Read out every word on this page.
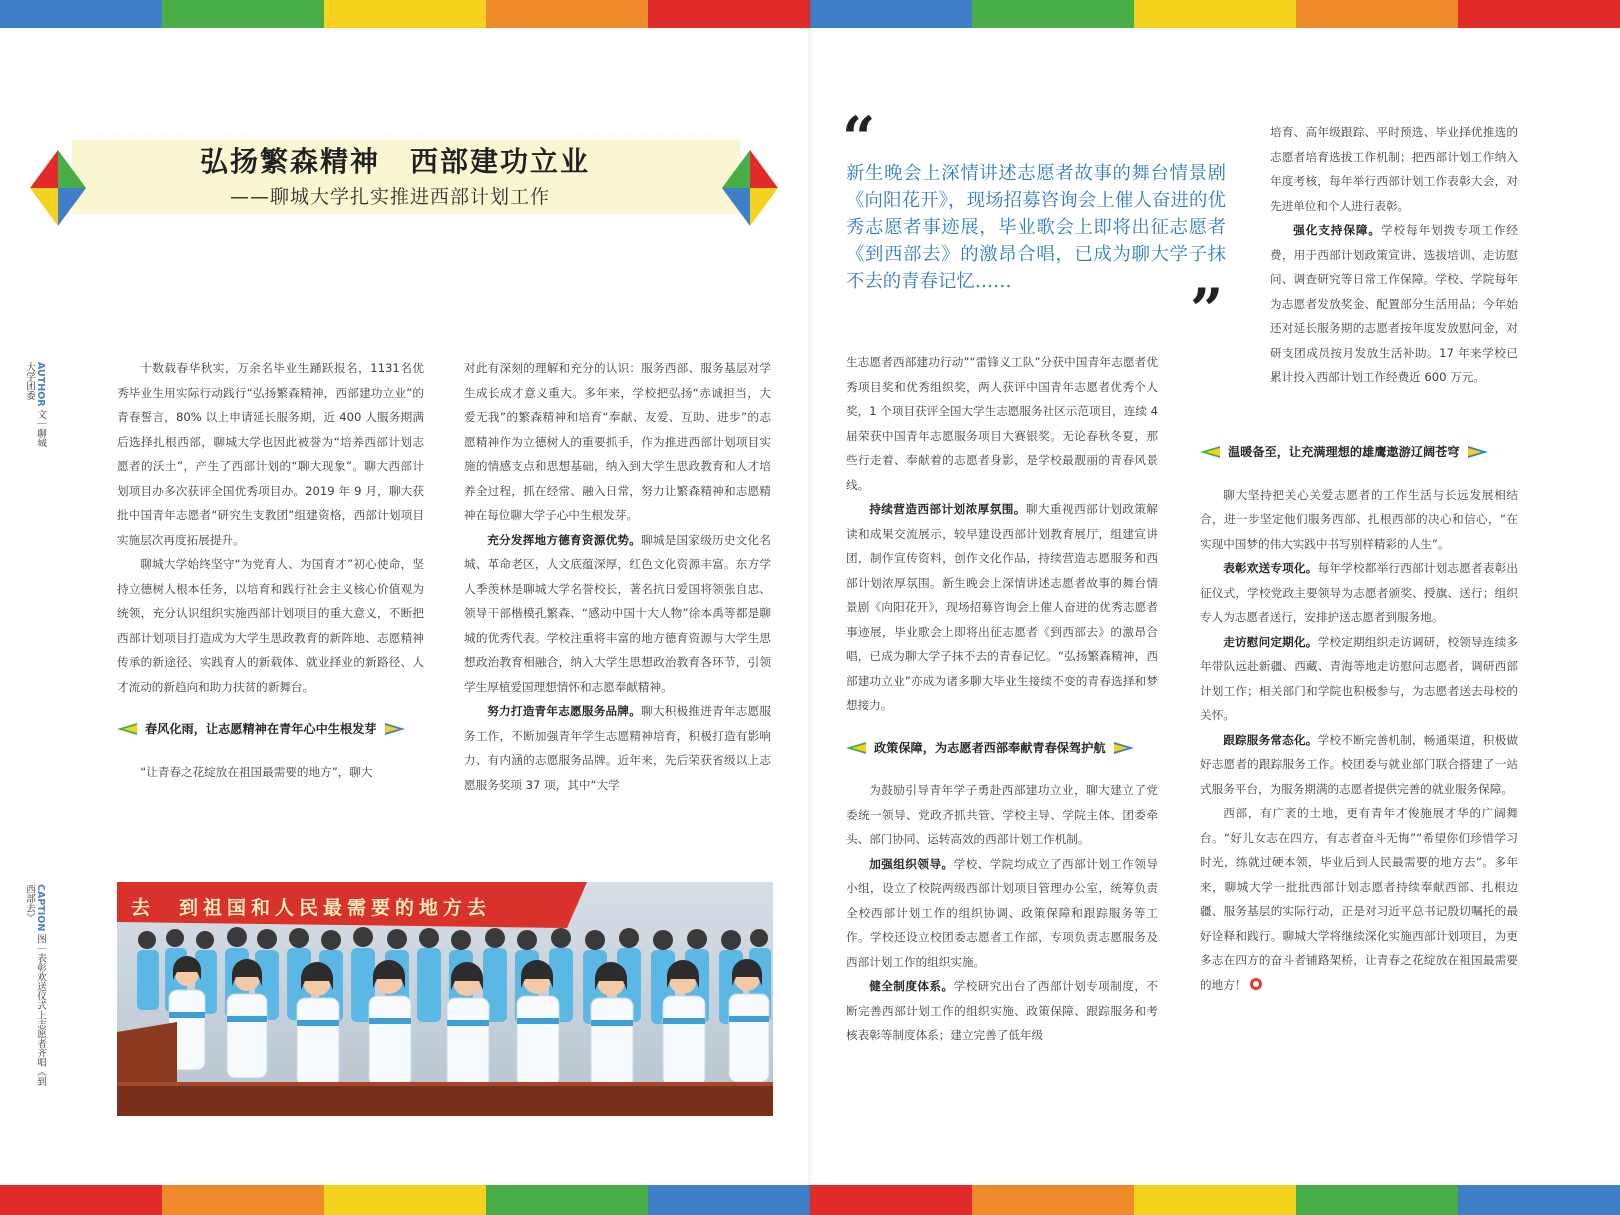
弘扬繁森精神　西部建功立业
——聊城大学扎实推进西部计划工作
AUTHOR 文｜聊城大学团委
CAPTION 图｜表彰欢送仪式上志愿者齐唱《到西部去》

十数载春华秋实，万余名毕业生踊跃报名，1131名优秀毕业生用实际行动践行“弘扬繁森精神，西部建功立业”的青春誓言，80% 以上申请延长服务期，近 400 人服务期满后选择扎根西部，聊城大学也因此被誉为“培养西部计划志愿者的沃土”，产生了西部计划的“聊大现象”。聊大西部计划项目办多次获评全国优秀项目办。2019 年 9 月，聊大获批中国青年志愿者“研究生支教团”组建资格，西部计划项目实施层次再度拓展提升。

聊城大学始终坚守“为党育人、为国育才”初心使命，坚持立德树人根本任务，以培育和践行社会主义核心价值观为统领，充分认识组织实施西部计划项目的重大意义，不断把西部计划项目打造成为大学生思政教育的新阵地、志愿精神传承的新途径、实践育人的新载体、就业择业的新路径、人才流动的新趋向和助力扶贫的新舞台。

春风化雨，让志愿精神在青年心中生根发芽

“让青春之花绽放在祖国最需要的地方”，聊大

对此有深刻的理解和充分的认识：服务西部、服务基层对学生成长成才意义重大。多年来，学校把弘扬“赤诚担当，大爱无我”的繁森精神和培育“奉献、友爱、互助、进步”的志愿精神作为立德树人的重要抓手，作为推进西部计划项目实施的情感支点和思想基础，纳入到大学生思政教育和人才培养全过程，抓在经常、融入日常，努力让繁森精神和志愿精神在每位聊大学子心中生根发芽。

充分发挥地方德育资源优势。聊城是国家级历史文化名城、革命老区，人文底蕴深厚，红色文化资源丰富。东方学人季羡林是聊城大学名誉校长，著名抗日爱国将领张自忠、领导干部楷模孔繁森、“感动中国十大人物”徐本禹等都是聊城的优秀代表。学校注重将丰富的地方德育资源与大学生思想政治教育相融合，纳入大学生思想政治教育各环节，引领学生厚植爱国理想情怀和志愿奉献精神。

努力打造青年志愿服务品牌。聊大积极推进青年志愿服务工作，不断加强青年学生志愿精神培育，积极打造有影响力、有内涵的志愿服务品牌。近年来，先后荣获省级以上志愿服务奖项 37 项，其中“大学

去　到祖国和人民最需要的地方去
“
新生晚会上深情讲述志愿者故事的舞台情景剧《向阳花开》，现场招募咨询会上催人奋进的优秀志愿者事迹展，毕业歌会上即将出征志愿者《到西部去》的激昂合唱，已成为聊大学子抹不去的青春记忆……	”

生志愿者西部建功行动”“雷锋义工队”分获中国青年志愿者优秀项目奖和优秀组织奖，两人获评中国青年志愿者优秀个人奖，1 个项目获评全国大学生志愿服务社区示范项目，连续 4 届荣获中国青年志愿服务项目大赛银奖。无论春秋冬夏，那些行走着、奉献着的志愿者身影，是学校最靓丽的青春风景线。

持续营造西部计划浓厚氛围。聊大重视西部计划政策解读和成果交流展示，较早建设西部计划教育展厅，组建宣讲团，制作宣传资料，创作文化作品，持续营造志愿服务和西部计划浓厚氛围。新生晚会上深情讲述志愿者故事的舞台情景剧《向阳花开》，现场招募咨询会上催人奋进的优秀志愿者事迹展，毕业歌会上即将出征志愿者《到西部去》的激昂合唱，已成为聊大学子抹不去的青春记忆。“弘扬繁森精神，西部建功立业”亦成为诸多聊大毕业生接续不变的青春选择和梦想接力。

政策保障，为志愿者西部奉献青春保驾护航

为鼓励引导青年学子勇赴西部建功立业，聊大建立了党委统一领导、党政齐抓共管、学校主导、学院主体、团委牵头、部门协同、运转高效的西部计划工作机制。

加强组织领导。学校、学院均成立了西部计划工作领导小组，设立了校院两级西部计划项目管理办公室，统筹负责全校西部计划工作的组织协调、政策保障和跟踪服务等工作。学校还设立校团委志愿者工作部，专项负责志愿服务及西部计划工作的组织实施。

健全制度体系。学校研究出台了西部计划专项制度，不断完善西部计划工作的组织实施、政策保障、跟踪服务和考核表彰等制度体系；建立完善了低年级

培育、高年级跟踪、平时预选、毕业择优推选的志愿者培育选拔工作机制；把西部计划工作纳入年度考核，每年举行西部计划工作表彰大会，对先进单位和个人进行表彰。

强化支持保障。学校每年划拨专项工作经费，用于西部计划政策宣讲、选拔培训、走访慰问、调查研究等日常工作保障。学校、学院每年为志愿者发放奖金、配置部分生活用品；今年始还对延长服务期的志愿者按年度发放慰问金，对研支团成员按月发放生活补助。17 年来学校已累计投入西部计划工作经费近 600 万元。

温暖备至，让充满理想的雄鹰遨游辽阔苍穹

聊大坚持把关心关爱志愿者的工作生活与长远发展相结合，进一步坚定他们服务西部、扎根西部的决心和信心，“在实现中国梦的伟大实践中书写别样精彩的人生”。

表彰欢送专项化。每年学校都举行西部计划志愿者表彰出征仪式，学校党政主要领导为志愿者颁奖、授旗、送行；组织专人为志愿者送行，安排护送志愿者到服务地。

走访慰问定期化。学校定期组织走访调研，校领导连续多年带队远赴新疆、西藏、青海等地走访慰问志愿者，调研西部计划工作；相关部门和学院也积极参与，为志愿者送去母校的关怀。

跟踪服务常态化。学校不断完善机制，畅通渠道，积极做好志愿者的跟踪服务工作。校团委与就业部门联合搭建了一站式服务平台，为服务期满的志愿者提供完善的就业服务保障。

西部，有广袤的土地，更有青年才俊施展才华的广阔舞台。“好儿女志在四方，有志者奋斗无悔”“希望你们珍惜学习时光，练就过硬本领，毕业后到人民最需要的地方去”。多年来，聊城大学一批批西部计划志愿者持续奉献西部、扎根边疆、服务基层的实际行动，正是对习近平总书记殷切嘱托的最好诠释和践行。聊城大学将继续深化实施西部计划项目，为更多志在四方的奋斗者铺路架桥，让青春之花绽放在祖国最需要的地方！
